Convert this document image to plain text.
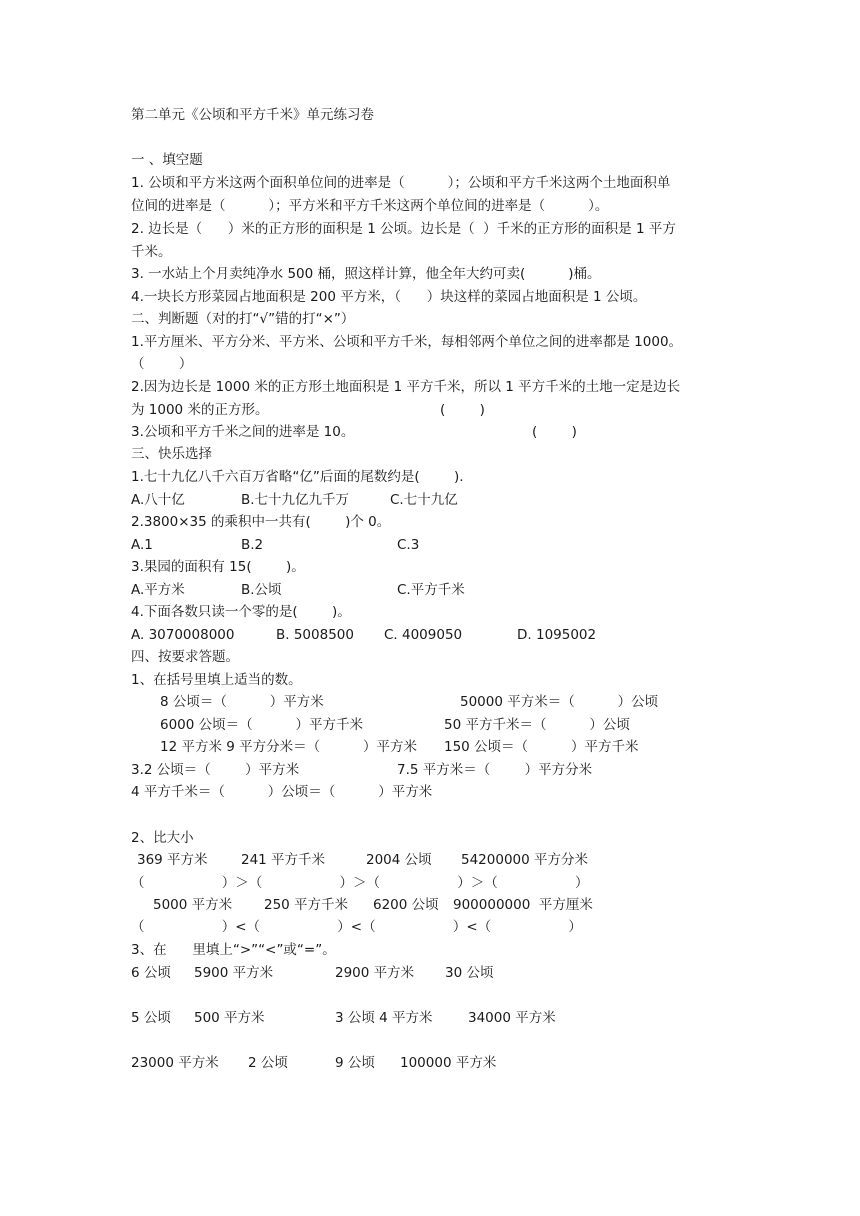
第二单元《公顷和平方千米》单元练习卷
一 、填空题
1. 公顷和平方米这两个面积单位间的进率是（          ）；公顷和平方千米这两个土地面积单
位间的进率是（          ）；平方米和平方千米这两个单位间的进率是（          ）。
2. 边长是（      ）米的正方形的面积是 1 公顷。边长是（  ）千米的正方形的面积是 1 平方
千米。
3. 一水站上个月卖纯净水 500 桶，照这样计算，他全年大约可卖(          )桶。
4.一块长方形菜园占地面积是 200 平方米，（      ）块这样的菜园占地面积是 1 公顷。
二、判断题（对的打“√”错的打“×”）
1.平方厘米、平方分米、平方米、公顷和平方千米，每相邻两个单位之间的进率都是 1000。
（        ）
2.因为边长是 1000 米的正方形土地面积是 1 平方千米，所以 1 平方千米的土地一定是边长
为 1000 米的正方形。	(        )
3.公顷和平方千米之间的进率是 10。	(        )
三、快乐选择
1.七十九亿八千六百万省略“亿”后面的尾数约是(        ).
A.八十亿	B.七十九亿九千万	C.七十九亿
2.3800×35 的乘积中一共有(        )个 0。
A.1	B.2	C.3
3.果园的面积有 15(        )。
A.平方米	B.公顷	C.平方千米
4.下面各数只读一个零的是(        )。
A. 3070008000	B. 5008500 C. 4009050	D. 1095002
四、按要求答题。
1、在括号里填上适当的数。
8 公顷＝（          ）平方米	50000 平方米＝（          ）公顷
6000 公顷＝（          ）平方千米	50 平方千米＝（          ）公顷
12 平方米 9 平方分米＝（          ）平方米 150 公顷＝（          ）平方千米
3.2 公顷＝（        ）平方米	7.5 平方米＝（        ）平方分米
4 平方千米＝（          ）公顷＝（          ）平方米
2、比大小
369 平方米 241 平方千米	2004 公顷 54200000 平方分米
（                  ）＞（                  ）＞（                  ）＞（                  ）
5000 平方米 250 平方千米 6200 公顷 900000000  平方厘米
（                  ）<（                  ）<（                  ）<（                  ）
3、在      里填上“>”“<”或“=”。
6 公顷 5900 平方米	2900 平方米 30 公顷
5 公顷 500 平方米	3 公顷 4 平方米	34000 平方米
23000 平方米 2 公顷	9 公顷 100000 平方米
